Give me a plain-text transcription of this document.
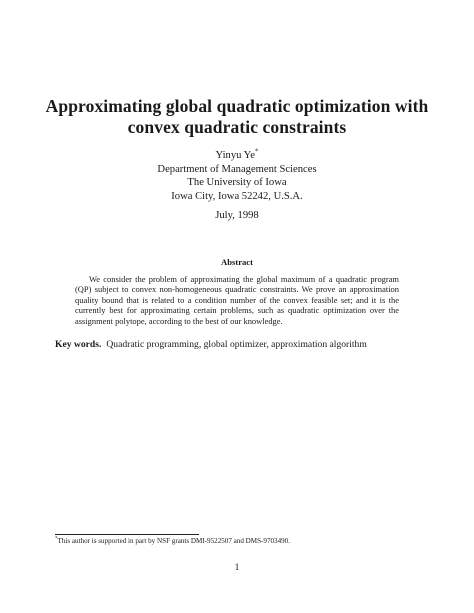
Approximating global quadratic optimization with
convex quadratic constraints
Yinyu Ye*
Department of Management Sciences
The University of Iowa
Iowa City, Iowa 52242, U.S.A.
July, 1998
Abstract
We consider the problem of approximating the global maximum of a quadratic program (QP) subject to convex non-homogeneous quadratic constraints. We prove an approximation quality bound that is related to a condition number of the convex feasible set; and it is the currently best for approximating certain problems, such as quadratic optimization over the assignment polytope, according to the best of our knowledge.
Key words. Quadratic programming, global optimizer, approximation algorithm
*This author is supported in part by NSF grants DMI-9522507 and DMS-9703490.
1
